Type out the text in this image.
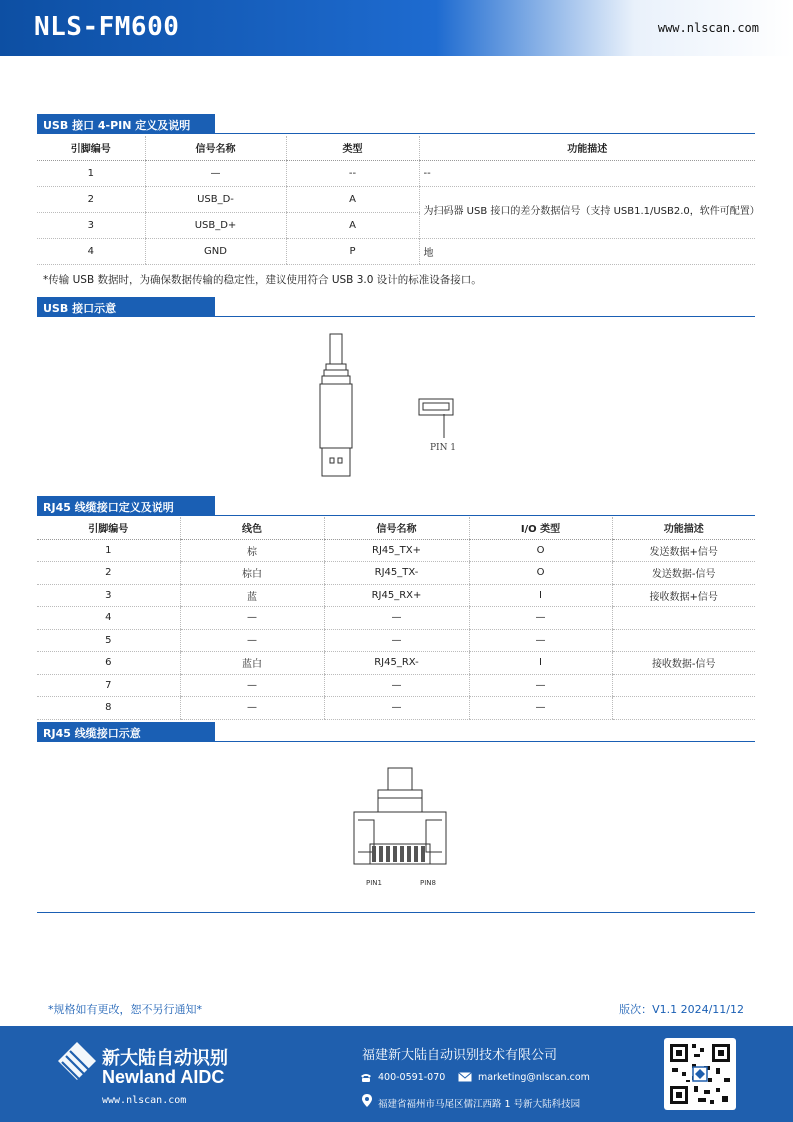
NLS-FM600	www.nlscan.com
USB 接口 4-PIN 定义及说明
引脚编号	信号名称	类型	功能描述
1	—	--	--
2	USB_D-	A	为扫码器 USB 接口的差分数据信号（支持 USB1.1/USB2.0，软件可配置）
3	USB_D+	A	
4	GND	P	地
*传输 USB 数据时，为确保数据传输的稳定性，建议使用符合 USB 3.0 设计的标准设备接口。
USB 接口示意
PIN 1
RJ45 线缆接口定义及说明
引脚编号	线色	信号名称	I/O 类型	功能描述
1	棕	RJ45_TX+	O	发送数据+信号
2	棕白	RJ45_TX-	O	发送数据-信号
3	蓝	RJ45_RX+	I	接收数据+信号
4	—	—	—	
5	—	—	—	
6	蓝白	RJ45_RX-	I	接收数据-信号
7	—	—	—	
8	—	—	—	
RJ45 线缆接口示意
PIN1	PIN8
*规格如有更改，恕不另行通知*	版次：V1.1 2024/11/12
新大陆自动识别
Newland AIDC
www.nlscan.com
福建新大陆自动识别技术有限公司
400-0591-070	marketing@nlscan.com
福建省福州市马尾区儒江西路 1 号新大陆科技园
